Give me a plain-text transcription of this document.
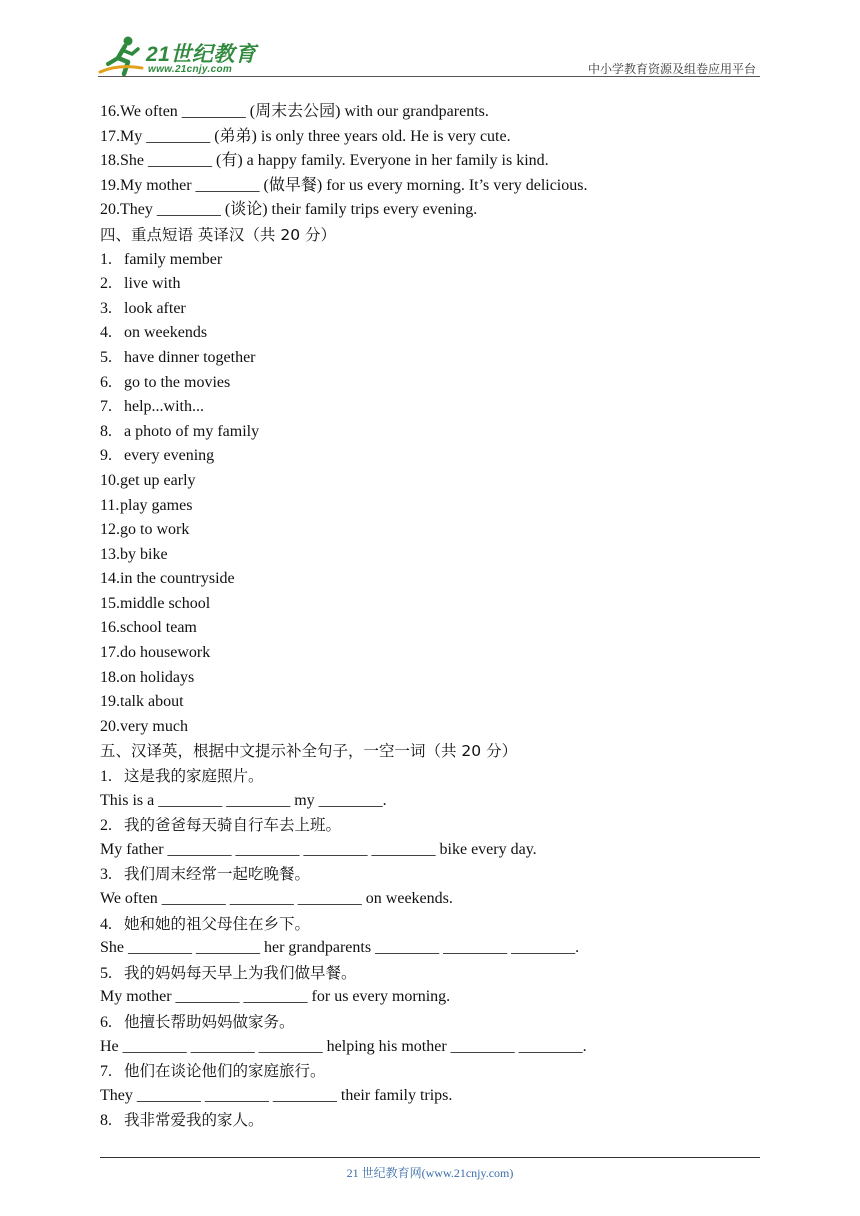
21世纪教育
www.21cnjy.com	中小学教育资源及组卷应用平台
16.We often ________ (周末去公园) with our grandparents.
17.My ________ (弟弟) is only three years old. He is very cute.
18.She ________ (有) a happy family. Everyone in her family is kind.
19.My mother ________ (做早餐) for us every morning. It’s very delicious.
20.They ________ (谈论) their family trips every evening.
四、重点短语 英译汉（共 20 分）
1. family member
2. live with
3. look after
4. on weekends
5. have dinner together
6. go to the movies
7. help...with...
8. a photo of my family
9. every evening
10.get up early
11.play games
12.go to work
13.by bike
14.in the countryside
15.middle school
16.school team
17.do housework
18.on holidays
19.talk about
20.very much
五、汉译英，根据中文提示补全句子，一空一词（共 20 分）
1. 这是我的家庭照片。
This is a ________ ________ my ________.
2. 我的爸爸每天骑自行车去上班。
My father ________ ________ ________ ________ bike every day.
3. 我们周末经常一起吃晚餐。
We often ________ ________ ________ on weekends.
4. 她和她的祖父母住在乡下。
She ________ ________ her grandparents ________ ________ ________.
5. 我的妈妈每天早上为我们做早餐。
My mother ________ ________ for us every morning.
6. 他擅长帮助妈妈做家务。
He ________ ________ ________ helping his mother ________ ________.
7. 他们在谈论他们的家庭旅行。
They ________ ________ ________ their family trips.
8. 我非常爱我的家人。
21 世纪教育网(www.21cnjy.com)
